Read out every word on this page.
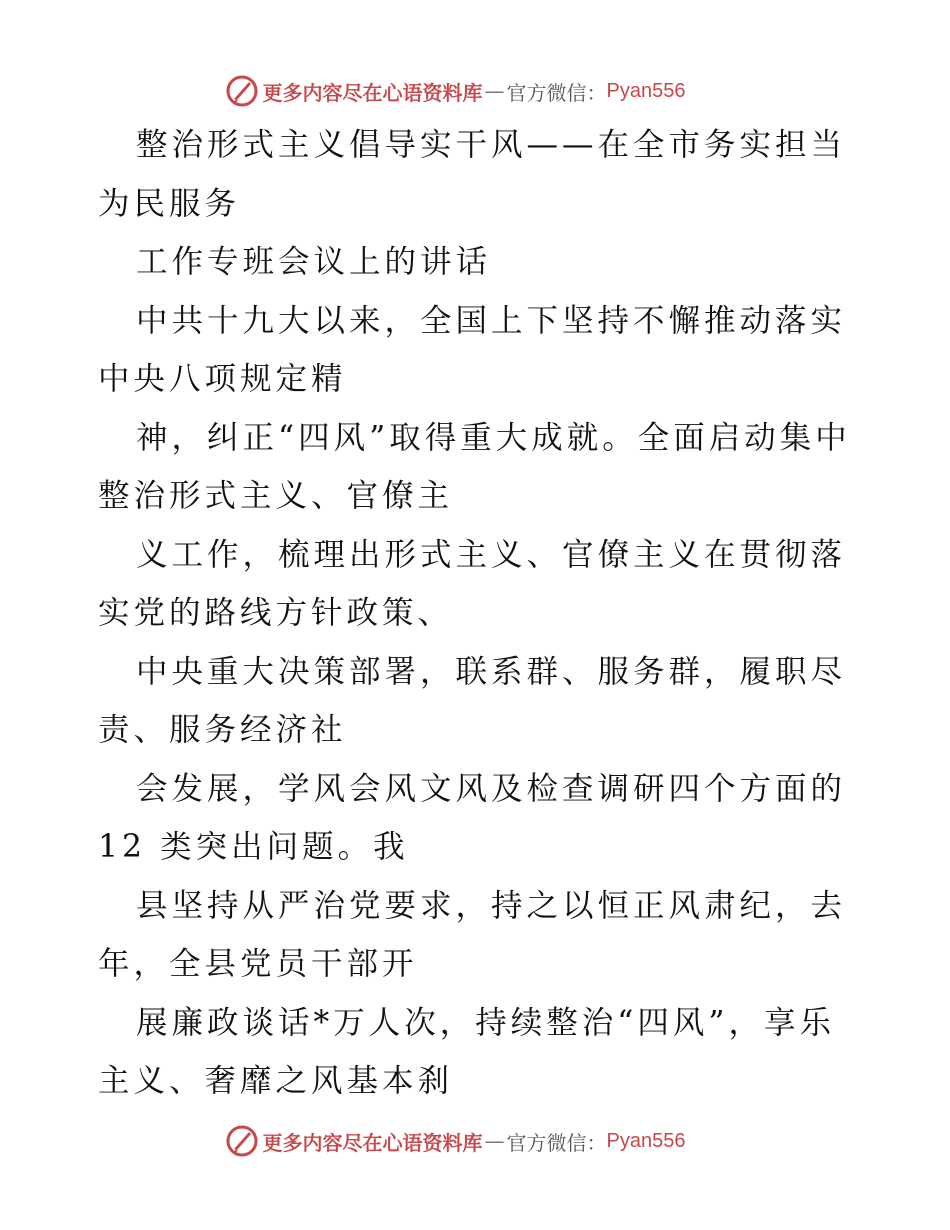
更多内容尽在心语资料库 — 官方微信： Pyan556

整治形式主义倡导实干风——在全市务实担当为民服务

工作专班会议上的讲话

中共十九大以来，全国上下坚持不懈推动落实中央八项规定精

神，纠正“四风”取得重大成就。全面启动集中整治形式主义、官僚主

义工作，梳理出形式主义、官僚主义在贯彻落实党的路线方针政策、

中央重大决策部署，联系群、服务群，履职尽责、服务经济社

会发展，学风会风文风及检查调研四个方面的 12 类突出问题。我

县坚持从严治党要求，持之以恒正风肃纪，去年，全县党员干部开

展廉政谈话*万人次，持续整治“四风”，享乐主义、奢靡之风基本刹

更多内容尽在心语资料库 — 官方微信： Pyan556
